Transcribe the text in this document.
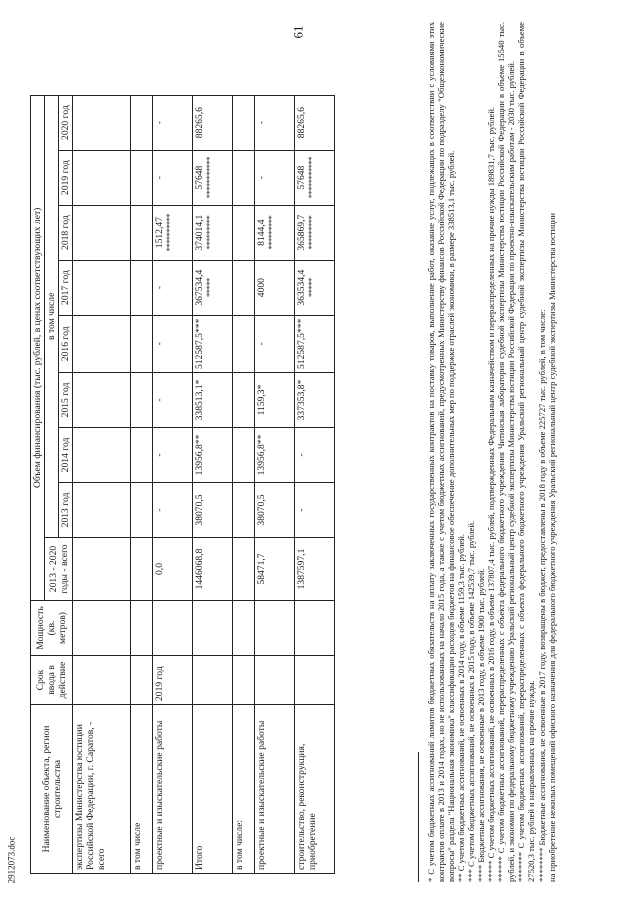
61
2912073.doc
Наименование объекта, регион строительства	Срок ввода в действие	Мощность (кв. метров)	Объем финансирования (тыс. рублей, в ценах соответствующих лет)								
			2013 - 2020 годы - всего	в том числе							
				2013 год	2014 год	2015 год	2016 год	2017 год	2018 год	2019 год	2020 год
экспертизы Министерства юстиции Российской Федерации, г. Саратов, - всего				

в том числе				

проектные и изыскательские работы	2019 год		0,0	-	-	-	-	-	1512,47 **********	-	-

Итого			1446068,8	38070,5	13956,8**	338513,1*	512587,5***	367534,4 *****	374014,1 *********	57648 ***********	88265,6

в том числе:				

проектные и изыскательские работы			58471,7	38070,5	13956,8**	1159,3*	-	4000	8144,4 *********	-	-

строительство, реконструкция, приобретение			1387597,1	-	-	337353,8*	512587,5***	363534,4 *****	365869,7 *********	57648 ***********	88265,6	* С учетом бюджетных ассигнований лимитов бюджетных обязательств на оплату заключенных государственных контрактов на поставку товаров, выполнение работ, оказание услуг, подлежащих в соответствии с условиями этих контрактов оплате в 2013 и 2014 годах, но не использованных на начало 2015 года, а также с учетом бюджетных ассигнований, предусмотренных Министерству финансов Российской Федерации по подразделу "Общеэкономические вопросы" раздела "Национальная экономика" классификации расходов бюджетов на финансовое обеспечение дополнительных мер по поддержке отраслей экономики, в размере 338513,1 тыс. рублей. ** С учетом бюджетных ассигнований, не освоенных в 2014 году, в объеме 1159,3 тыс. рублей. *** С учетом бюджетных ассигнований, не освоенных в 2015 году, в объеме 142539,7 тыс. рублей. **** Бюджетные ассигнования, не освоенные в 2013 году, в объеме 1900 тыс. рублей. ***** С учетом бюджетных ассигнований, не освоенных в 2016 году, в объеме 137807,4 тыс. рублей, подтвержденных Федеральным казначейством и перераспределенных на прочие нужды 189831,7 тыс. рублей. ****** С учетом бюджетных ассигнований, перераспределенных с объекта федерального бюджетного учреждения Читинская лаборатория судебной экспертизы Министерства юстиции Российской Федерации в объеме 15540 тыс. рублей, и экономии по федеральному бюджетному учреждению Уральский региональный центр судебной экспертизы Министерства юстиции Российской Федерации по проектно-изыскательским работам - 2030 тыс. рублей. ******* С учетом бюджетных ассигнований, перераспределенных с объекта федерального бюджетного учреждения Уральский региональный центр судебной экспертизы Министерства юстиции Российской Федерации в объеме 27520,3 тыс. рублей и направленных на прочие нужды. ******** Бюджетные ассигнования, не освоенные в 2017 году, возвращены в бюджет, предоставлены в 2018 году в объеме 225727 тыс. рублей, в том числе: на приобретение нежилых помещений офисного назначения для федерального бюджетного учреждения Уральский региональный центр судебной экспертизы Министерства юстиции
